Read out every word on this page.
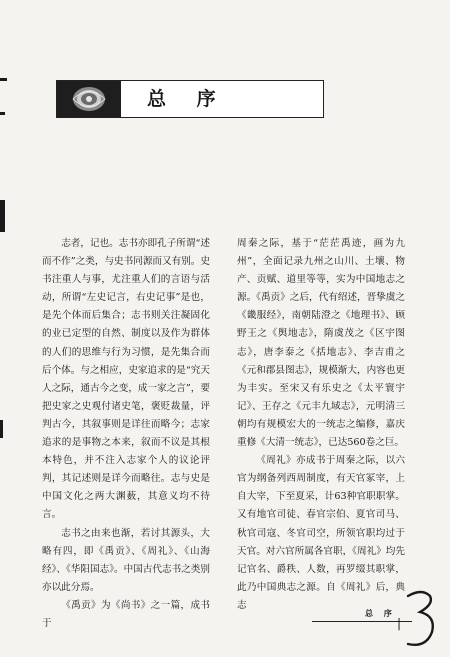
总 序

志者，记也。志书亦即孔子所谓“述而不作”之类，与史书同源而又有别。史书注重人与事，尤注重人们的言语与活动，所谓“左史记言，右史记事”是也，是先个体而后集合；志书则关注凝固化的业已定型的自然、制度以及作为群体的人们的思维与行为习惯，是先集合而后个体。与之相应，史家追求的是“究天人之际，通古今之变，成一家之言”，要把史家之史观付诸史笔，褒贬裁量，评判古今，其叙事则是详往而略今；志家追求的是事物之本来，叙而不议是其根本特色，并不注入志家个人的议论评判，其记述则是详今而略往。志与史是中国文化之两大渊薮，其意义均不待言。

志书之由来也渐，若讨其源头，大略有四，即《禹贡》、《周礼》、《山海经》、《华阳国志》。中国古代志书之类别亦以此分焉。

《禹贡》为《尚书》之一篇，成书于

周秦之际，基于“茫茫禹迹，画为九州”，全面记录九州之山川、土壤、物产、贡赋、道里等等，实为中国地志之源。《禹贡》之后，代有绍述，晋挚虞之《畿服经》，南朝陆澄之《地理书》、顾野王之《舆地志》，隋虞茂之《区宇图志》，唐李泰之《括地志》、李吉甫之《元和郡县图志》，规模渐大，内容也更为丰实。至宋又有乐史之《太平寰宇记》、王存之《元丰九域志》，元明清三朝均有规模宏大的一统志之编修，嘉庆重修《大清一统志》，已达560卷之巨。

《周礼》亦成书于周秦之际，以六官为纲备列西周制度，有天官冢宰，上自大宰，下至夏采，计63种官职职掌。又有地官司徒、春官宗伯、夏官司马、秋官司寇、冬官司空，所领官职均过于天官。对六官所属各官职，《周礼》均先记官名、爵秩、人数，再罗缀其职掌，此乃中国典志之源。自《周礼》后，典志

总 序
|
